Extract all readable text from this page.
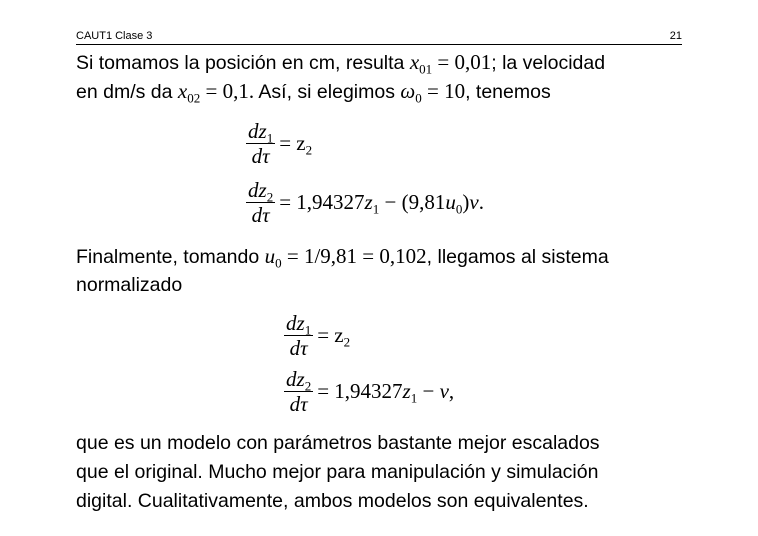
CAUT1 Clase 3	21
Si tomamos la posición en cm, resulta $x_{01} = 0,01$; la velocidad
en dm/s da $x_{02} = 0,1$. Así, si elegimos $\omega_0 = 10$, tenemos
$\frac{dz_1}{d\tau} = z_2$
$\frac{dz_2}{d\tau} = 1,94327z_1 - (9,81u_0)v$.
Finalmente, tomando $u_0 = 1/9,81 = 0,102$, llegamos al sistema
normalizado
$\frac{dz_1}{d\tau} = z_2$
$\frac{dz_2}{d\tau} = 1,94327z_1 - v$,
que es un modelo con parámetros bastante mejor escalados
que el original. Mucho mejor para manipulación y simulación
digital. Cualitativamente, ambos modelos son equivalentes.
